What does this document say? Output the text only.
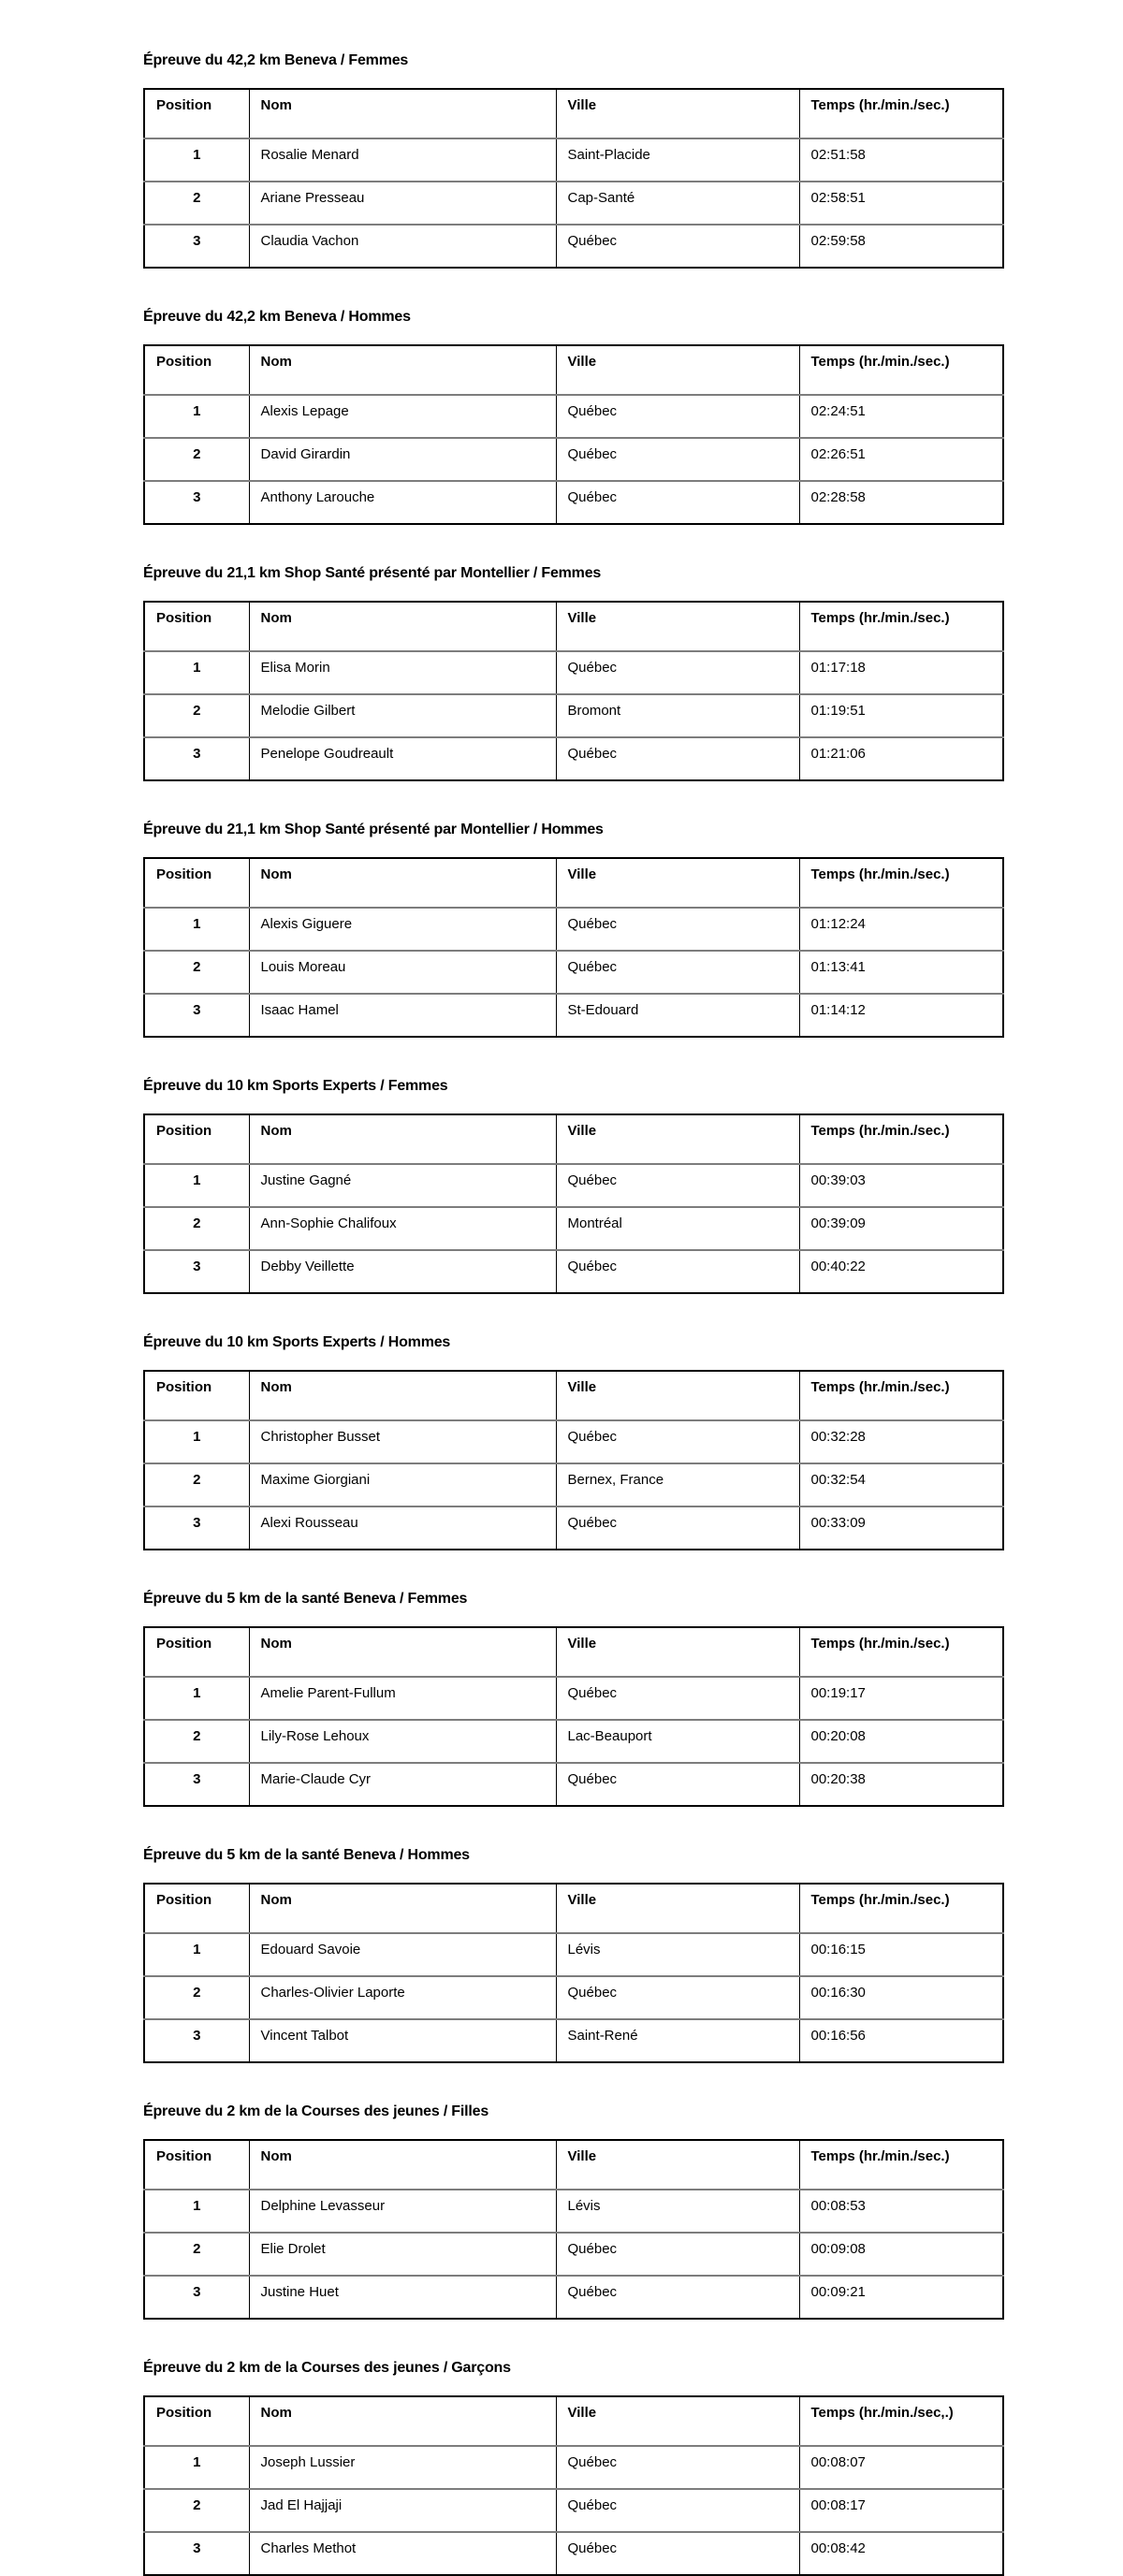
Épreuve du 42,2 km Beneva / Femmes
Position	Nom	Ville	Temps (hr./min./sec.)
1	Rosalie Menard	Saint-Placide	02:51:58
2	Ariane Presseau	Cap-Santé	02:58:51
3	Claudia Vachon	Québec	02:59:58
Épreuve du 42,2 km Beneva / Hommes
Position	Nom	Ville	Temps (hr./min./sec.)
1	Alexis Lepage	Québec	02:24:51
2	David Girardin	Québec	02:26:51
3	Anthony Larouche	Québec	02:28:58
Épreuve du 21,1 km Shop Santé présenté par Montellier / Femmes
Position	Nom	Ville	Temps (hr./min./sec.)
1	Elisa Morin	Québec	01:17:18
2	Melodie Gilbert	Bromont	01:19:51
3	Penelope Goudreault	Québec	01:21:06
Épreuve du 21,1 km Shop Santé présenté par Montellier / Hommes
Position	Nom	Ville	Temps (hr./min./sec.)
1	Alexis Giguere	Québec	01:12:24
2	Louis Moreau	Québec	01:13:41
3	Isaac Hamel	St-Edouard	01:14:12
Épreuve du 10 km Sports Experts / Femmes
Position	Nom	Ville	Temps (hr./min./sec.)
1	Justine Gagné	Québec	00:39:03
2	Ann-Sophie Chalifoux	Montréal	00:39:09
3	Debby Veillette	Québec	00:40:22
Épreuve du 10 km Sports Experts / Hommes
Position	Nom	Ville	Temps (hr./min./sec.)
1	Christopher Busset	Québec	00:32:28
2	Maxime Giorgiani	Bernex, France	00:32:54
3	Alexi Rousseau	Québec	00:33:09
Épreuve du 5 km de la santé Beneva / Femmes
Position	Nom	Ville	Temps (hr./min./sec.)
1	Amelie Parent-Fullum	Québec	00:19:17
2	Lily-Rose Lehoux	Lac-Beauport	00:20:08
3	Marie-Claude Cyr	Québec	00:20:38
Épreuve du 5 km de la santé Beneva / Hommes
Position	Nom	Ville	Temps (hr./min./sec.)
1	Edouard Savoie	Lévis	00:16:15
2	Charles-Olivier Laporte	Québec	00:16:30
3	Vincent Talbot	Saint-René	00:16:56
Épreuve du 2 km de la Courses des jeunes / Filles
Position	Nom	Ville	Temps (hr./min./sec.)
1	Delphine Levasseur	Lévis	00:08:53
2	Elie Drolet	Québec	00:09:08
3	Justine Huet	Québec	00:09:21
Épreuve du 2 km de la Courses des jeunes / Garçons
Position	Nom	Ville	Temps (hr./min./sec,.)
1	Joseph Lussier	Québec	00:08:07
2	Jad El Hajjaji	Québec	00:08:17
3	Charles Methot	Québec	00:08:42
